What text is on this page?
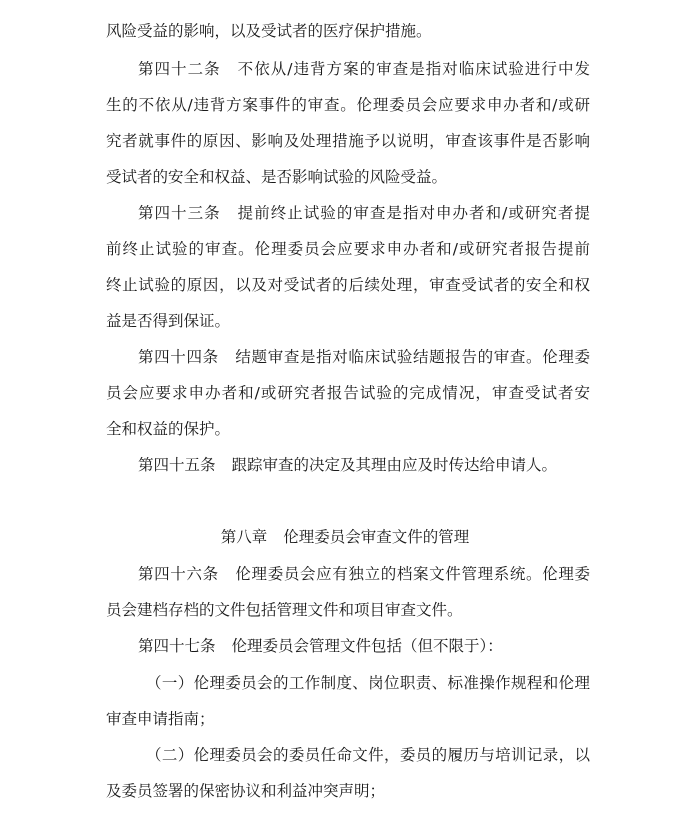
风险受益的影响，以及受试者的医疗保护措施。
第四十二条 不依从/违背方案的审查是指对临床试验进行中发
生的不依从/违背方案事件的审查。伦理委员会应要求申办者和/或研
究者就事件的原因、影响及处理措施予以说明，审查该事件是否影响
受试者的安全和权益、是否影响试验的风险受益。
第四十三条 提前终止试验的审查是指对申办者和/或研究者提
前终止试验的审查。伦理委员会应要求申办者和/或研究者报告提前
终止试验的原因，以及对受试者的后续处理，审查受试者的安全和权
益是否得到保证。
第四十四条 结题审查是指对临床试验结题报告的审查。伦理委
员会应要求申办者和/或研究者报告试验的完成情况，审查受试者安
全和权益的保护。
第四十五条 跟踪审查的决定及其理由应及时传达给申请人。
第八章 伦理委员会审查文件的管理
第四十六条 伦理委员会应有独立的档案文件管理系统。伦理委
员会建档存档的文件包括管理文件和项目审查文件。
第四十七条 伦理委员会管理文件包括（但不限于）：
（一）伦理委员会的工作制度、岗位职责、标准操作规程和伦理
审查申请指南；
（二）伦理委员会的委员任命文件，委员的履历与培训记录，以
及委员签署的保密协议和利益冲突声明；
